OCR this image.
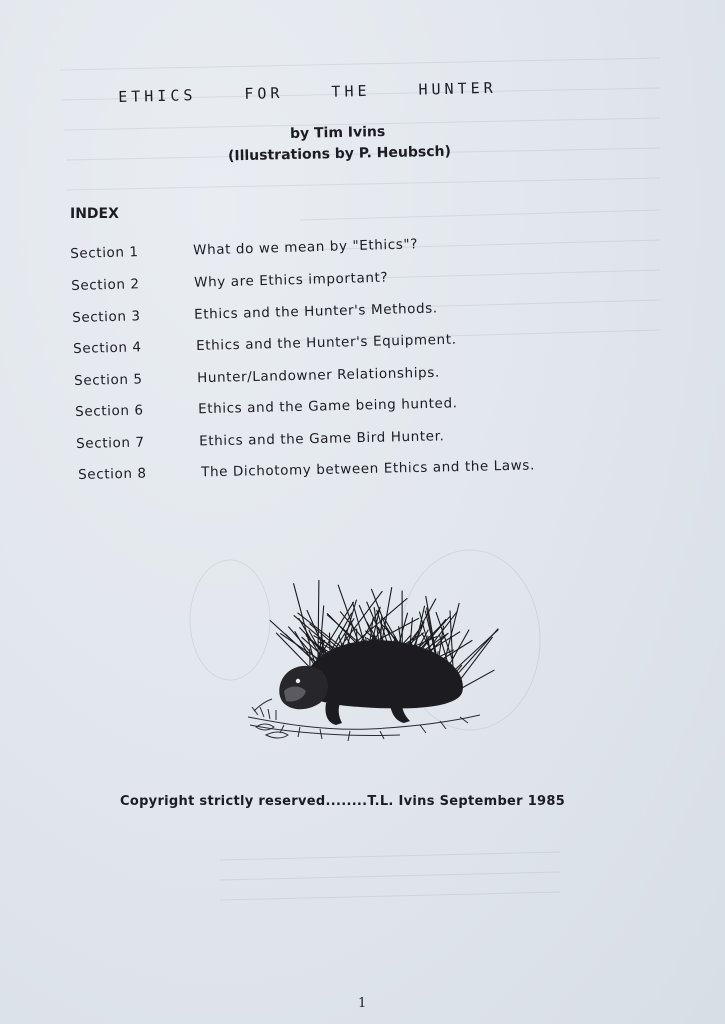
ETHICS	FOR	THE	HUNTER
by Tim Ivins
(Illustrations by P. Heubsch)
INDEX
Section 1	What do we mean by "Ethics"?
Section 2	Why are Ethics important?
Section 3	Ethics and the Hunter's Methods.
Section 4	Ethics and the Hunter's Equipment.
Section 5	Hunter/Landowner Relationships.
Section 6	Ethics and the Game being hunted.
Section 7	Ethics and the Game Bird Hunter.
Section 8	The Dichotomy between Ethics and the Laws.
Copyright strictly reserved........T.L. Ivins September 1985
1
